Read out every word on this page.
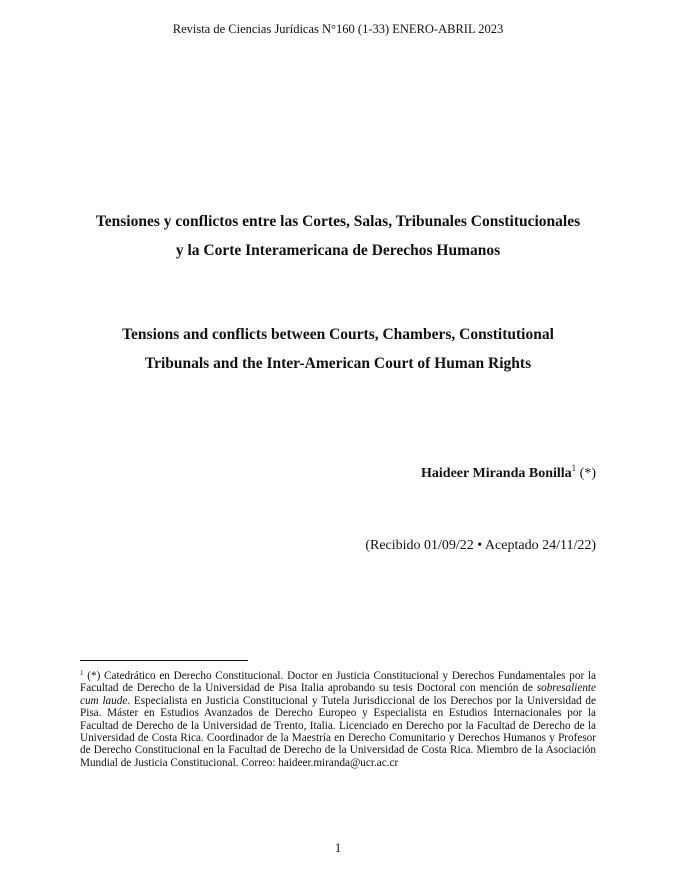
Revista de Ciencias Jurídicas N°160 (1-33) ENERO-ABRIL 2023
Tensiones y conflictos entre las Cortes, Salas, Tribunales Constitucionales
y la Corte Interamericana de Derechos Humanos
Tensions and conflicts between Courts, Chambers, Constitutional
Tribunals and the Inter-American Court of Human Rights
Haideer Miranda Bonilla$^1$ (*)
(Recibido 01/09/22 • Aceptado 24/11/22)
$^1$ (*) Catedrático en Derecho Constitucional. Doctor en Justicia Constitucional y Derechos Fundamentales por la Facultad de Derecho de la Universidad de Pisa Italia aprobando su tesis Doctoral con mención de sobresaliente cum laude. Especialista en Justicia Constitucional y Tutela Jurisdiccional de los Derechos por la Universidad de Pisa. Máster en Estudios Avanzados de Derecho Europeo y Especialista en Estudios Internacionales por la Facultad de Derecho de la Universidad de Trento, Italia. Licenciado en Derecho por la Facultad de Derecho de la Universidad de Costa Rica. Coordinador de la Maestría en Derecho Comunitario y Derechos Humanos y Profesor de Derecho Constitucional en la Facultad de Derecho de la Universidad de Costa Rica. Miembro de la Asociación Mundial de Justicia Constitucional. Correo: haideer.miranda@ucr.ac.cr
1
